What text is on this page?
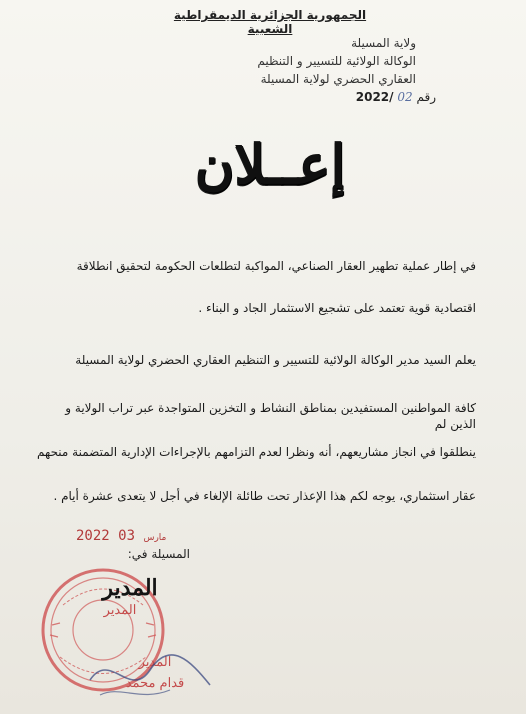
الجمهورية الجزائرية الديمقراطية الشعبية
ولاية المسيلة
الوكالة الولائية للتسيير و التنظيم
العقاري الحضري لولاية المسيلة
رقم 02 2022/
إعــلان
في إطار عملية تطهير العقار الصناعي، المواكبة لتطلعات الحكومة لتحقيق انطلاقة
اقتصادية قوية تعتمد على تشجيع الاستثمار الجاد و البناء .
يعلم السيد مدير الوكالة الولائية للتسيير و التنظيم العقاري الحضري لولاية المسيلة
كافة المواطنين المستفيدين بمناطق النشاط و التخزين المتواجدة عبر تراب الولاية و الذين لم
ينطلقوا في انجاز مشاريعهم، أنه ونظرا لعدم التزامهم بالإجراءات الإدارية المتضمنة منحهم
عقار استثماري، يوجه لكم هذا الإعذار تحت طائلة الإلغاء في أجل لا يتعدى عشرة أيام .
2022	مارس 03
المسيلة في:
المدير
المدير
المدير
قدام محمد
